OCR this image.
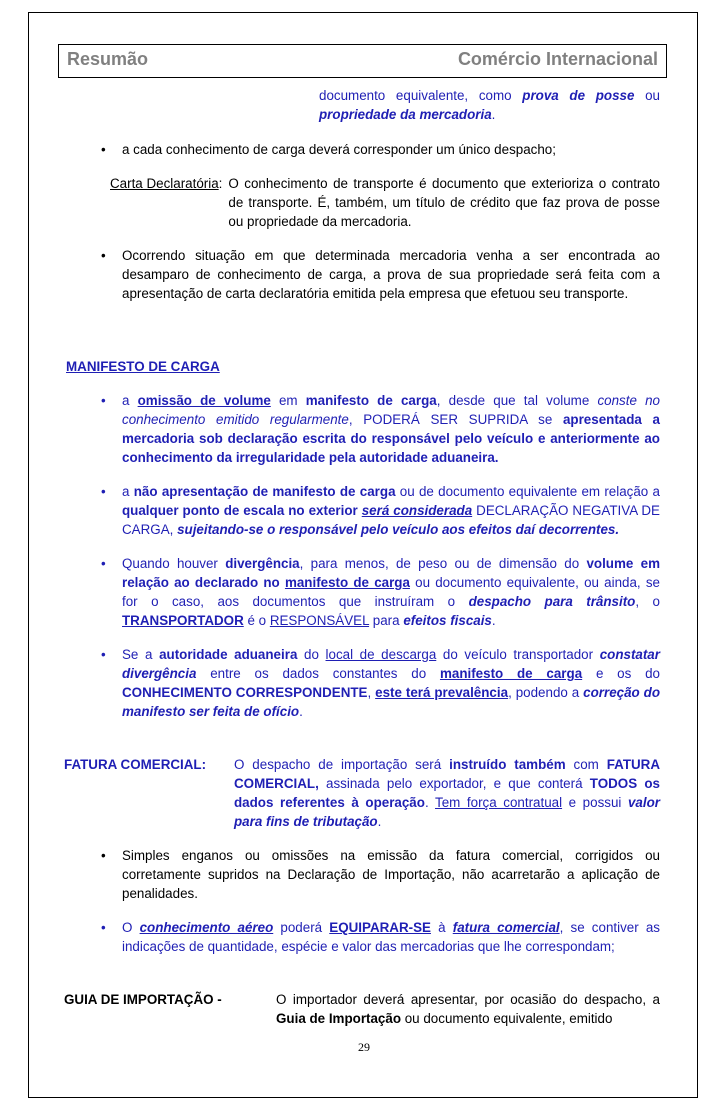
Resumão	Comércio Internacional

documento equivalente, como prova de posse ou propriedade da mercadoria.

• a cada conhecimento de carga deverá corresponder um único despacho;
Carta Declaratória: O conhecimento de transporte é documento que exterioriza o contrato de transporte. É, também, um título de crédito que faz prova de posse ou propriedade da mercadoria.
• Ocorrendo situação em que determinada mercadoria venha a ser encontrada ao desamparo de conhecimento de carga, a prova de sua propriedade será feita com a apresentação de carta declaratória emitida pela empresa que efetuou seu transporte.
MANIFESTO DE CARGA
• a omissão de volume em manifesto de carga, desde que tal volume conste no conhecimento emitido regularmente, PODERÁ SER SUPRIDA se apresentada a mercadoria sob declaração escrita do responsável pelo veículo e anteriormente ao conhecimento da irregularidade pela autoridade aduaneira.
• a não apresentação de manifesto de carga ou de documento equivalente em relação a qualquer ponto de escala no exterior será considerada DECLARAÇÃO NEGATIVA DE CARGA, sujeitando-se o responsável pelo veículo aos efeitos daí decorrentes.
• Quando houver divergência, para menos, de peso ou de dimensão do volume em relação ao declarado no manifesto de carga ou documento equivalente, ou ainda, se for o caso, aos documentos que instruíram o despacho para trânsito, o TRANSPORTADOR é o RESPONSÁVEL para efeitos fiscais.
• Se a autoridade aduaneira do local de descarga do veículo transportador constatar divergência entre os dados constantes do manifesto de carga e os do CONHECIMENTO CORRESPONDENTE, este terá prevalência, podendo a correção do manifesto ser feita de ofício.
FATURA COMERCIAL:	O despacho de importação será instruído também com FATURA COMERCIAL, assinada pelo exportador, e que conterá TODOS os dados referentes à operação. Tem força contratual e possui valor para fins de tributação.
• Simples enganos ou omissões na emissão da fatura comercial, corrigidos ou corretamente supridos na Declaração de Importação, não acarretarão a aplicação de penalidades.
• O conhecimento aéreo poderá EQUIPARAR-SE à fatura comercial, se contiver as indicações de quantidade, espécie e valor das mercadorias que lhe correspondam;
GUIA DE IMPORTAÇÃO -	O importador deverá apresentar, por ocasião do despacho, a Guia de Importação ou documento equivalente, emitido
29
